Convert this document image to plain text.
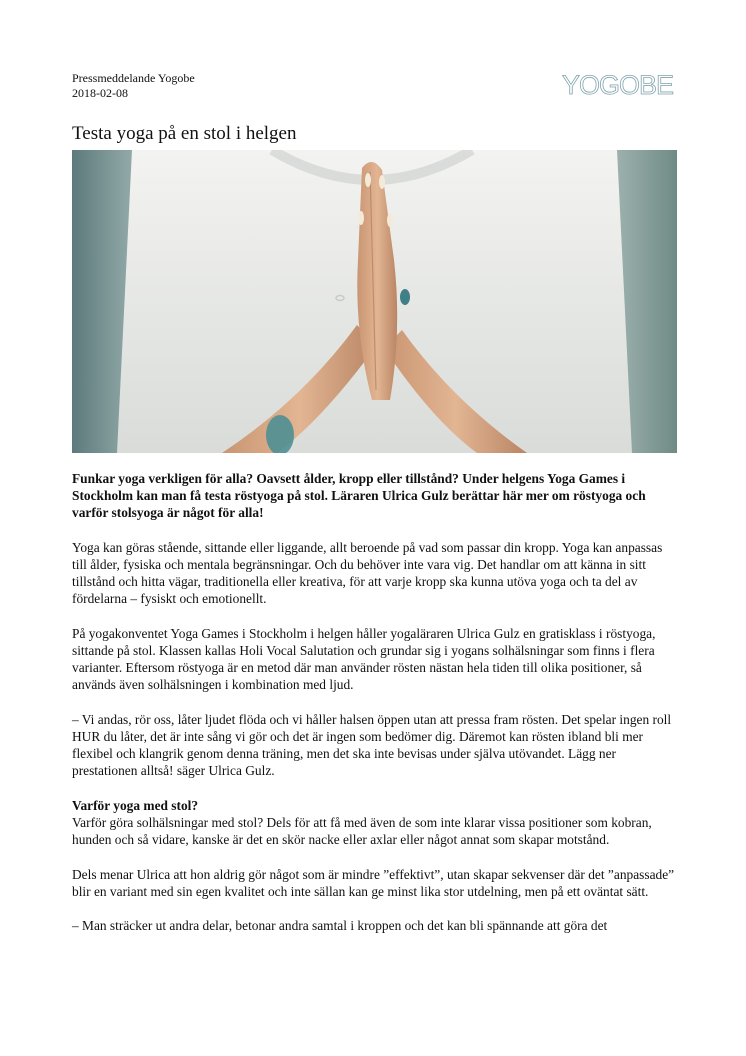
Pressmeddelande Yogobe
2018-02-08	YOGOBE
Testa yoga på en stol i helgen

Funkar yoga verkligen för alla? Oavsett ålder, kropp eller tillstånd? Under helgens Yoga Games i Stockholm kan man få testa röstyoga på stol. Läraren Ulrica Gulz berättar här mer om röstyoga och varför stolsyoga är något för alla!

Yoga kan göras stående, sittande eller liggande, allt beroende på vad som passar din kropp. Yoga kan anpassas till ålder, fysiska och mentala begränsningar. Och du behöver inte vara vig. Det handlar om att känna in sitt tillstånd och hitta vägar, traditionella eller kreativa, för att varje kropp ska kunna utöva yoga och ta del av fördelarna – fysiskt och emotionellt.

På yogakonventet Yoga Games i Stockholm i helgen håller yogaläraren Ulrica Gulz en gratisklass i röstyoga, sittande på stol. Klassen kallas Holi Vocal Salutation och grundar sig i yogans solhälsningar som finns i flera varianter. Eftersom röstyoga är en metod där man använder rösten nästan hela tiden till olika positioner, så används även solhälsningen i kombination med ljud.

– Vi andas, rör oss, låter ljudet flöda och vi håller halsen öppen utan att pressa fram rösten. Det spelar ingen roll HUR du låter, det är inte sång vi gör och det är ingen som bedömer dig. Däremot kan rösten ibland bli mer flexibel och klangrik genom denna träning, men det ska inte bevisas under själva utövandet. Lägg ner prestationen alltså! säger Ulrica Gulz.

Varför yoga med stol?
Varför göra solhälsningar med stol? Dels för att få med även de som inte klarar vissa positioner som kobran, hunden och så vidare, kanske är det en skör nacke eller axlar eller något annat som skapar motstånd.

Dels menar Ulrica att hon aldrig gör något som är mindre ”effektivt”, utan skapar sekvenser där det ”anpassade” blir en variant med sin egen kvalitet och inte sällan kan ge minst lika stor utdelning, men på ett oväntat sätt.

– Man sträcker ut andra delar, betonar andra samtal i kroppen och det kan bli spännande att göra det
